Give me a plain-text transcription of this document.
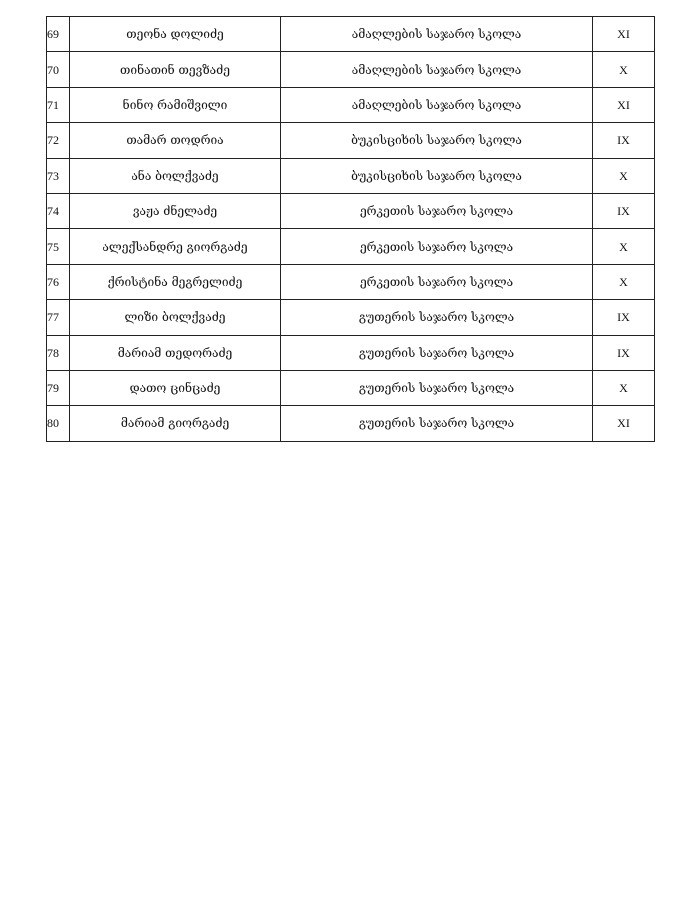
69	თეონა დოლიძე	ამაღლების საჯარო სკოლა	XI
70	თინათინ თევზაძე	ამაღლების საჯარო სკოლა	X
71	ნინო რამიშვილი	ამაღლების საჯარო სკოლა	XI
72	თამარ თოდრია	ბუკისციხის საჯარო სკოლა	IX
73	ანა ბოლქვაძე	ბუკისციხის საჯარო სკოლა	X
74	ვაჟა ძნელაძე	ერკეთის საჯარო სკოლა	IX
75	ალექსანდრე გიორგაძე	ერკეთის საჯარო სკოლა	X
76	ქრისტინა მეგრელიძე	ერკეთის საჯარო სკოლა	X
77	ლიზი ბოლქვაძე	გუთერის საჯარო სკოლა	IX
78	მარიამ თედორაძე	გუთერის საჯარო სკოლა	IX
79	დათო ცინცაძე	გუთერის საჯარო სკოლა	X
80	მარიამ გიორგაძე	გუთერის საჯარო სკოლა	XI
